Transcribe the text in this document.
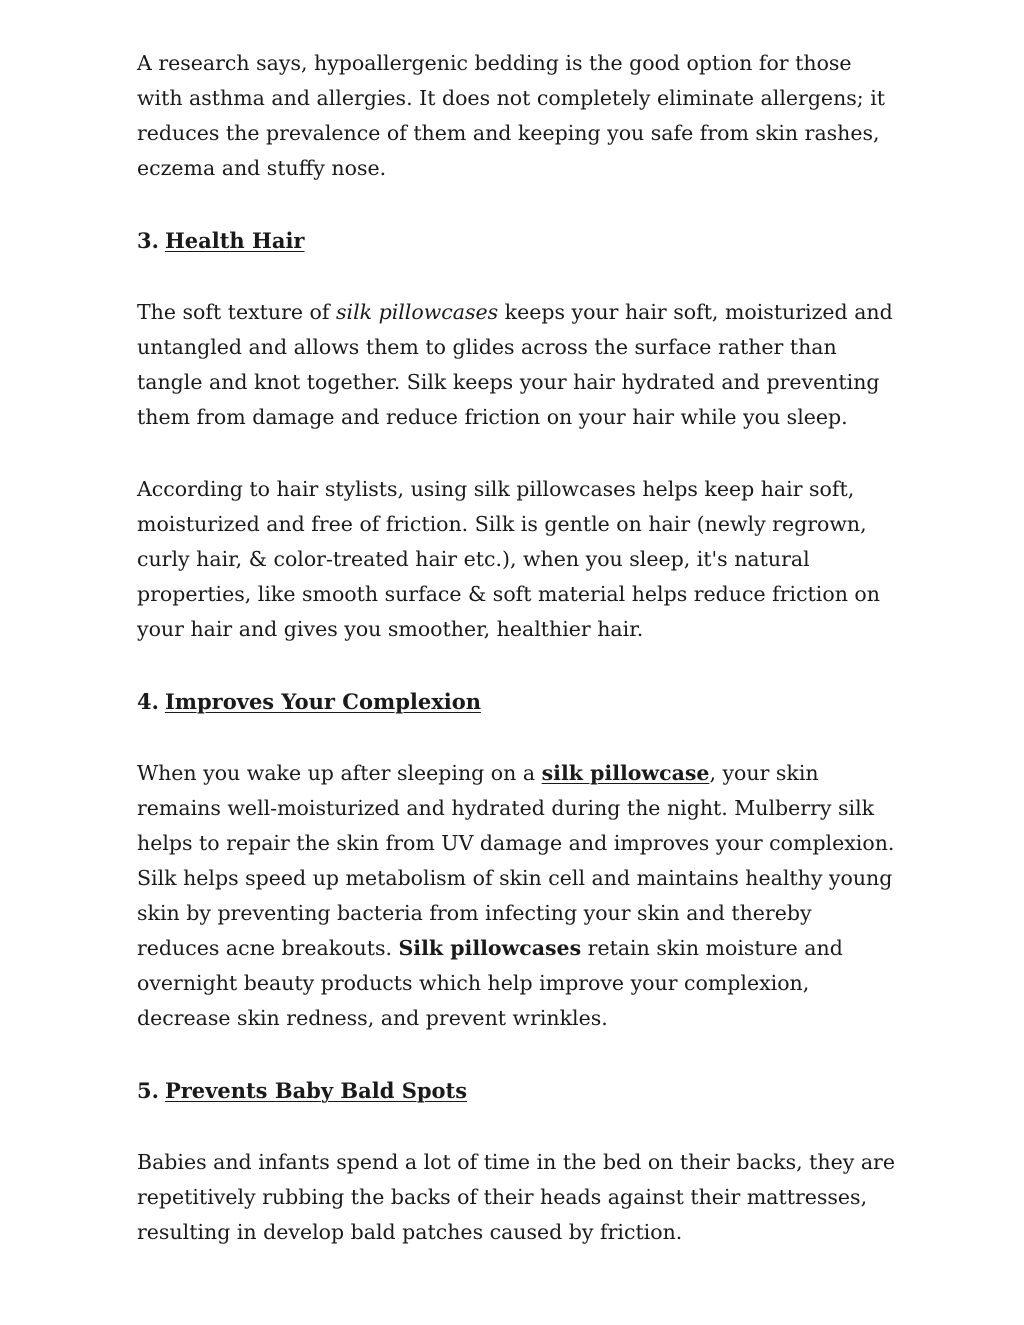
A research says, hypoallergenic bedding is the good option for those with asthma and allergies. It does not completely eliminate allergens; it reduces the prevalence of them and keeping you safe from skin rashes, eczema and stuffy nose.

3. Health Hair

The soft texture of silk pillowcases keeps your hair soft, moisturized and untangled and allows them to glides across the surface rather than tangle and knot together. Silk keeps your hair hydrated and preventing them from damage and reduce friction on your hair while you sleep.

According to hair stylists, using silk pillowcases helps keep hair soft, moisturized and free of friction. Silk is gentle on hair (newly regrown, curly hair, & color-treated hair etc.), when you sleep, it's natural properties, like smooth surface & soft material helps reduce friction on your hair and gives you smoother, healthier hair.

4. Improves Your Complexion

When you wake up after sleeping on a silk pillowcase, your skin remains well-moisturized and hydrated during the night. Mulberry silk helps to repair the skin from UV damage and improves your complexion. Silk helps speed up metabolism of skin cell and maintains healthy young skin by preventing bacteria from infecting your skin and thereby reduces acne breakouts. Silk pillowcases retain skin moisture and overnight beauty products which help improve your complexion, decrease skin redness, and prevent wrinkles.

5. Prevents Baby Bald Spots

Babies and infants spend a lot of time in the bed on their backs, they are repetitively rubbing the backs of their heads against their mattresses, resulting in develop bald patches caused by friction.
